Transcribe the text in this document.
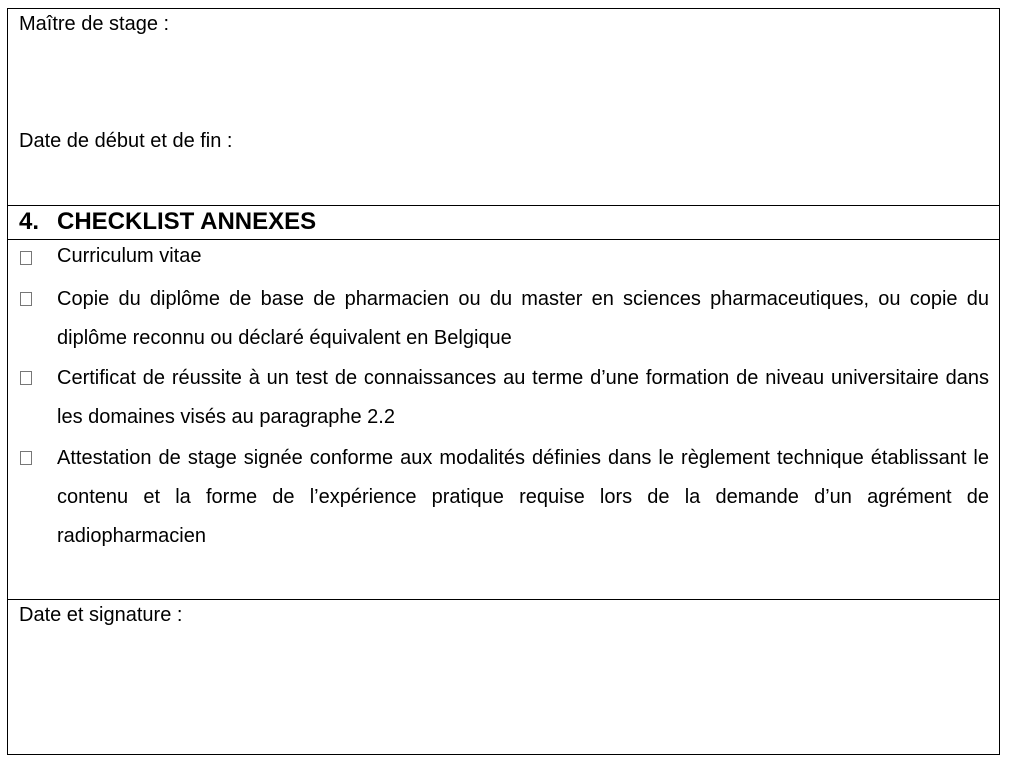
Maître de stage :
Date de début et de fin :
4. CHECKLIST ANNEXES
Curriculum vitae
Copie du diplôme de base de pharmacien ou du master en sciences pharmaceutiques, ou copie du diplôme reconnu ou déclaré équivalent en Belgique
Certificat de réussite à un test de connaissances au terme d’une formation de niveau universitaire dans les domaines visés au paragraphe 2.2
Attestation de stage signée conforme aux modalités définies dans le règlement technique établissant le contenu et la forme de l’expérience pratique requise lors de la demande d’un agrément de radiopharmacien
Date et signature :
